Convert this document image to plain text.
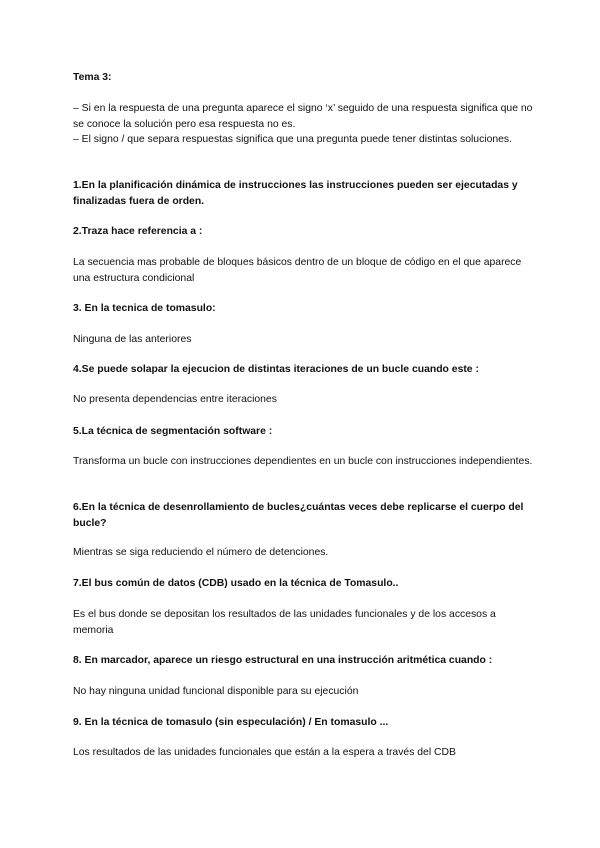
Tema 3:

– Si en la respuesta de una pregunta aparece el signo ‘x’ seguido de una respuesta significa que no se conoce la solución pero esa respuesta no es.

– El signo / que separa respuestas significa que una pregunta puede tener distintas soluciones.

1.En la planificación dinámica de instrucciones las instrucciones pueden ser ejecutadas y finalizadas fuera de orden.

2.Traza hace referencia a :

La secuencia mas probable de bloques básicos dentro de un bloque de código en el que aparece una estructura condicional

3. En la tecnica de tomasulo:

Ninguna de las anteriores

4.Se puede solapar la ejecucion de distintas iteraciones de un bucle cuando este :

No presenta dependencias entre iteraciones

5.La técnica de segmentación software :

Transforma un bucle con instrucciones dependientes en un bucle con instrucciones independientes.

6.En la técnica de desenrollamiento de bucles¿cuántas veces debe replicarse el cuerpo del bucle?

Mientras se siga reduciendo el número de detenciones.

7.El bus común de datos (CDB) usado en la técnica de Tomasulo..

Es el bus donde se depositan los resultados de las unidades funcionales y de los accesos a memoria

8. En marcador, aparece un riesgo estructural en una instrucción aritmética cuando :

No hay ninguna unidad funcional disponible para su ejecución

9. En la técnica de tomasulo (sin especulación) / En tomasulo ...

Los resultados de las unidades funcionales que están a la espera a través del CDB
